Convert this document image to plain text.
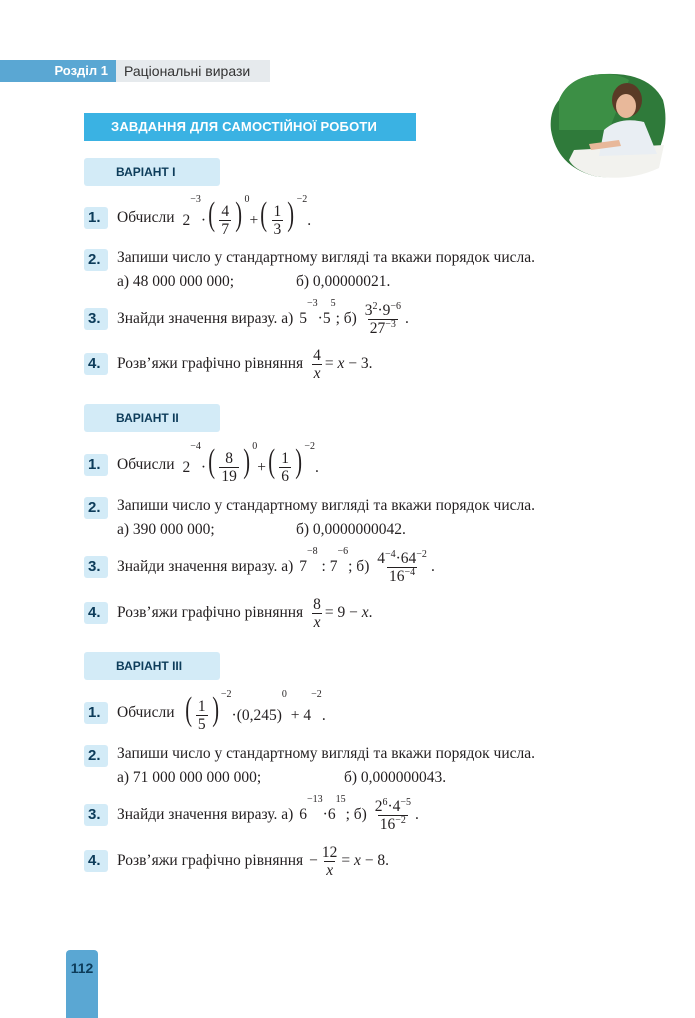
Розділ 1	Раціональні вирази
ЗАВДАННЯ ДЛЯ САМОСТІЙНОЇ РОБОТИ
ВАРІАНТ I
1.	Обчисли $2^{-3}\cdot( \frac{4}{7}$ ) $^0+( \frac{1}{3}$ ) $^{-2}$.
2.	Запиши число у стандартному вигляді та вкажи порядок числа.
а) 48 000 000 000;	б) 0,00000021.
3.	Знайди значення виразу. а) $5^{-3}\cdot 5^5$; $б) \frac{3^2\cdot 9^{-6}}{27^{-3}}$ .
4.	Розв’яжи графічно рівняння $\frac{4}{x} = x - 3$.
ВАРІАНТ II
1.	Обчисли $2^{-4}\cdot( \frac{8}{19}$ ) $^0+( \frac{1}{6}$ ) $^{-2}$.
2.	Запиши число у стандартному вигляді та вкажи порядок числа.
а) 390 000 000;	б) 0,0000000042.
3.	Знайди значення виразу. а) $7^{-8}$ : $7^{-6}$; $б) \frac{4^{-4}\cdot 64^{-2}}{16^{-4}}$ .
4.	Розв’яжи графічно рівняння $\frac{8}{x} = 9 - x$.
ВАРІАНТ III
1.	Обчисли ( $\frac{1}{5}$ ) $^{-2}\cdot(0,245)^0 + 4^{-2}$.
2.	Запиши число у стандартному вигляді та вкажи порядок числа.
а) 71 000 000 000 000;	б) 0,000000043.
3.	Знайди значення виразу. а) $6^{-13}\cdot 6^{15}$; $б) \frac{2^6\cdot 4^{-5}}{16^{-2}}$ .
4.	Розв’яжи графічно рівняння − $\frac{12}{x} = x - 8$.
112
